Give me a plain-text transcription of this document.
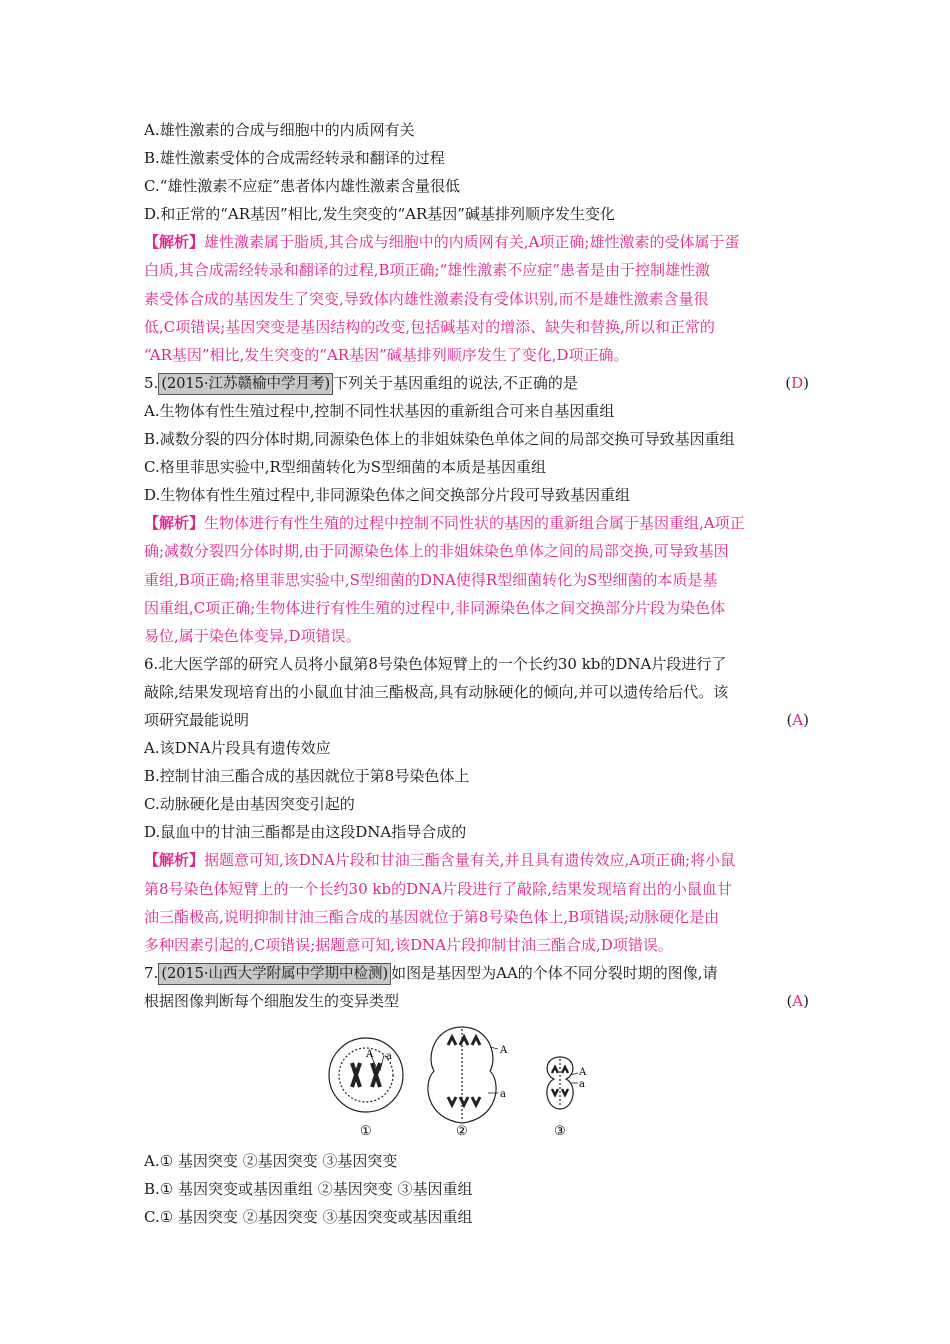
A.雄性激素的合成与细胞中的内质网有关
B.雄性激素受体的合成需经转录和翻译的过程
C.“雄性激素不应症”患者体内雄性激素含量很低
D.和正常的“AR基因”相比,发生突变的“AR基因”碱基排列顺序发生变化
【解析】雄性激素属于脂质,其合成与细胞中的内质网有关,A项正确;雄性激素的受体属于蛋
白质,其合成需经转录和翻译的过程,B项正确;“雄性激素不应症”患者是由于控制雄性激
素受体合成的基因发生了突变,导致体内雄性激素没有受体识别,而不是雄性激素含量很
低,C项错误;基因突变是基因结构的改变,包括碱基对的增添、缺失和替换,所以和正常的
“AR基因”相比,发生突变的“AR基因”碱基排列顺序发生了变化,D项正确。
5. (2015·江苏赣榆中学月考) 下列关于基因重组的说法,不正确的是	(D)
A.生物体有性生殖过程中,控制不同性状基因的重新组合可来自基因重组
B.减数分裂的四分体时期,同源染色体上的非姐妹染色单体之间的局部交换可导致基因重组
C.格里菲思实验中,R型细菌转化为S型细菌的本质是基因重组
D.生物体有性生殖过程中,非同源染色体之间交换部分片段可导致基因重组
【解析】生物体进行有性生殖的过程中控制不同性状的基因的重新组合属于基因重组,A项正
确;减数分裂四分体时期,由于同源染色体上的非姐妹染色单体之间的局部交换,可导致基因
重组,B项正确;格里菲思实验中,S型细菌的DNA使得R型细菌转化为S型细菌的本质是基
因重组,C项正确;生物体进行有性生殖的过程中,非同源染色体之间交换部分片段为染色体
易位,属于染色体变异,D项错误。
6.北大医学部的研究人员将小鼠第8号染色体短臂上的一个长约30 kb的DNA片段进行了
敲除,结果发现培育出的小鼠血甘油三酯极高,具有动脉硬化的倾向,并可以遗传给后代。该
项研究最能说明	(A)
A.该DNA片段具有遗传效应
B.控制甘油三酯合成的基因就位于第8号染色体上
C.动脉硬化是由基因突变引起的
D.鼠血中的甘油三酯都是由这段DNA指导合成的
【解析】据题意可知,该DNA片段和甘油三酯含量有关,并且具有遗传效应,A项正确;将小鼠
第8号染色体短臂上的一个长约30 kb的DNA片段进行了敲除,结果发现培育出的小鼠血甘
油三酯极高,说明抑制甘油三酯合成的基因就位于第8号染色体上,B项错误;动脉硬化是由
多种因素引起的,C项错误;据题意可知,该DNA片段抑制甘油三酯合成,D项错误。
7. (2015·山西大学附属中学期中检测) 如图是基因型为AA的个体不同分裂时期的图像,请
根据图像判断每个细胞发生的变异类型	(A)
A a
①
A
a
②
A
a
③
A.① 基因突变 ②基因突变 ③基因突变
B.① 基因突变或基因重组 ②基因突变 ③基因重组
C.① 基因突变 ②基因突变 ③基因突变或基因重组
